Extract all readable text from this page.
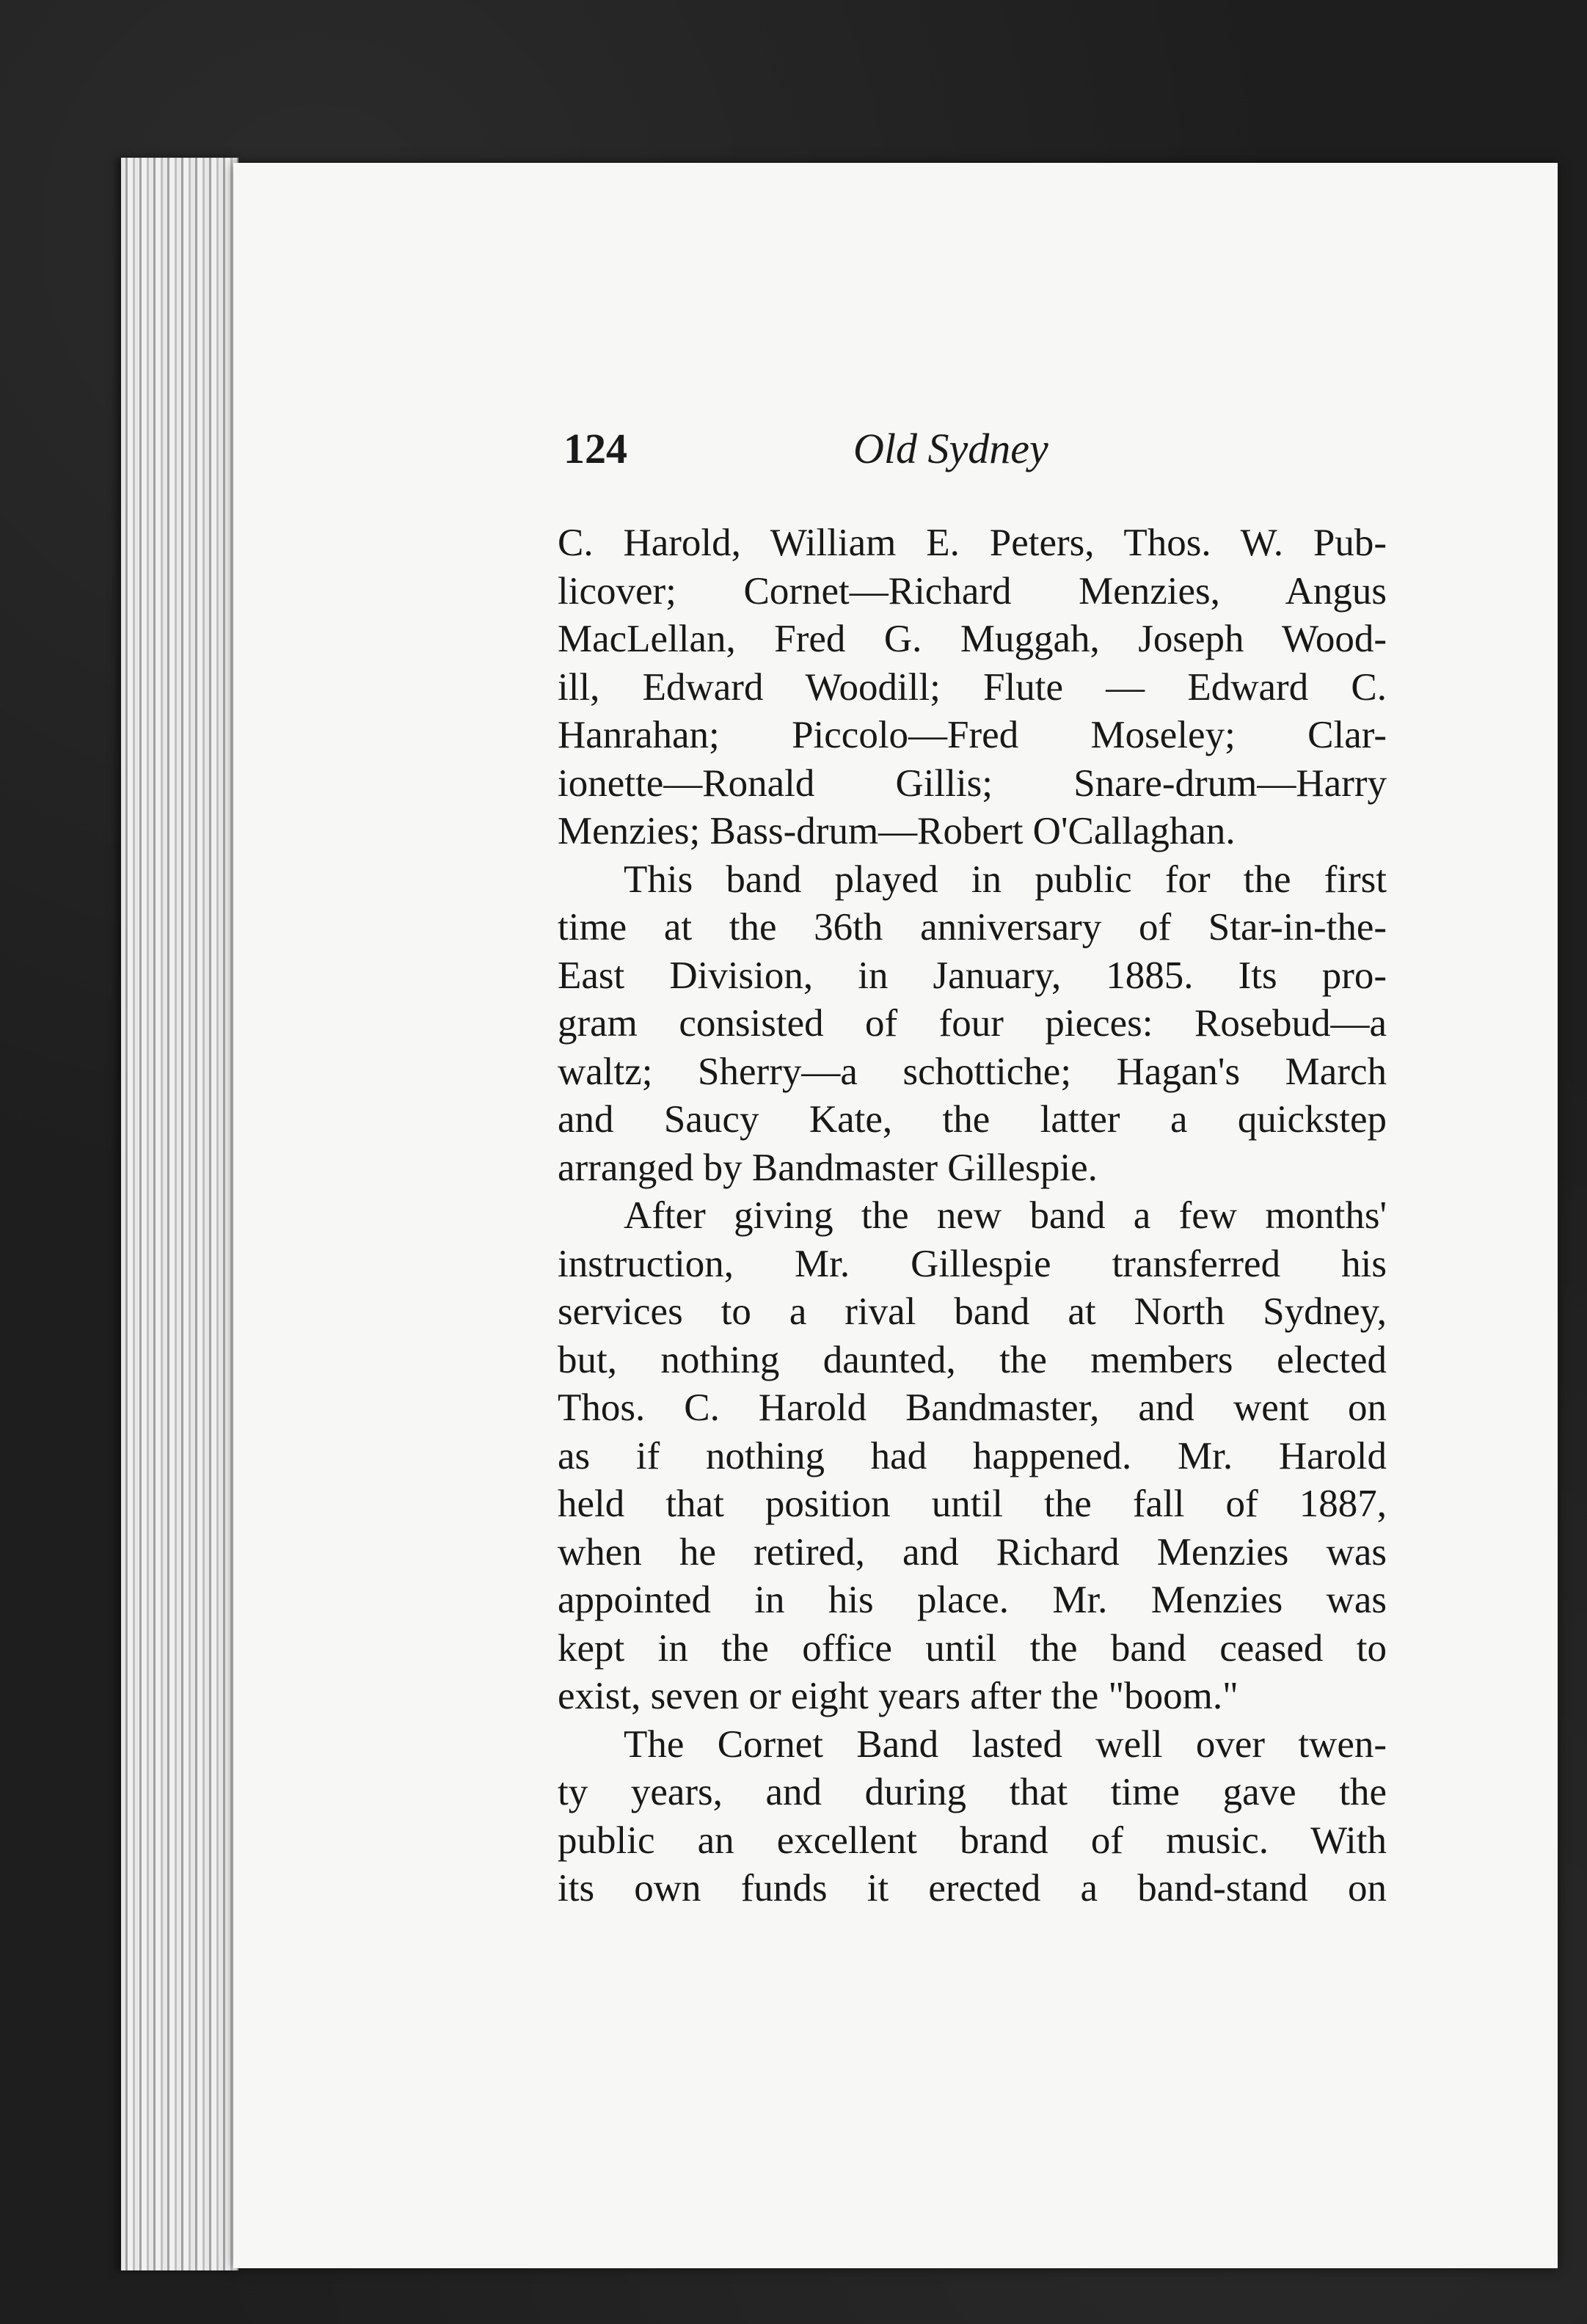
124	Old Sydney
C. Harold, William E. Peters, Thos. W. Pub-
licover; Cornet—Richard Menzies, Angus
MacLellan, Fred G. Muggah, Joseph Wood-
ill, Edward Woodill; Flute — Edward C.
Hanrahan; Piccolo—Fred Moseley; Clar-
ionette—Ronald Gillis; Snare-drum—Harry
Menzies; Bass-drum—Robert O'Callaghan.
This band played in public for the first
time at the 36th anniversary of Star-in-the-
East Division, in January, 1885. Its pro-
gram consisted of four pieces: Rosebud—a
waltz; Sherry—a schottiche; Hagan's March
and Saucy Kate, the latter a quickstep
arranged by Bandmaster Gillespie.
After giving the new band a few months'
instruction, Mr. Gillespie transferred his
services to a rival band at North Sydney,
but, nothing daunted, the members elected
Thos. C. Harold Bandmaster, and went on
as if nothing had happened. Mr. Harold
held that position until the fall of 1887,
when he retired, and Richard Menzies was
appointed in his place. Mr. Menzies was
kept in the office until the band ceased to
exist, seven or eight years after the "boom."
The Cornet Band lasted well over twen-
ty years, and during that time gave the
public an excellent brand of music. With
its own funds it erected a band-stand on
